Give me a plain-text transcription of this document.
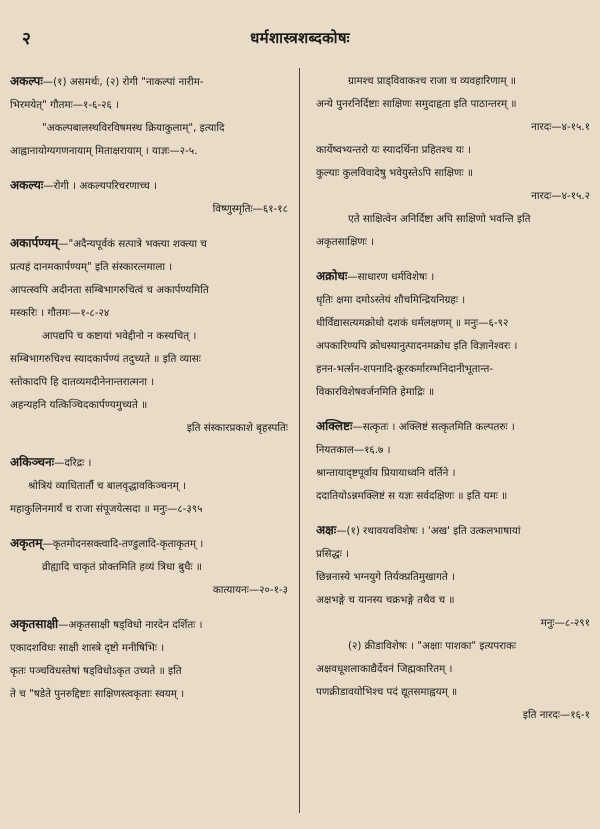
२	धर्मशास्त्रशब्दकोषः
अकल्पः—(१) असमर्थः, (२) रोगी "नाकल्पां नारीम-
भिरमयेत्" गौतमः—१-६-२६ ।
"अकल्पबालस्थविरविषमस्थ क्रियाकुलाम्", इत्यादि
आह्वानायोग्यगणनायाम् मिताक्षरायाम् । याज्ञः—२-५.
अकल्यः—रोगी । अकल्यपरिचरणाच्च ।
विष्णुस्मृतिः—६१-१८
अकार्पण्यम्—"अदैन्यपूर्वकं सत्पात्रे भक्त्या शक्त्या च
प्रत्यहं दानमकार्पण्यम्" इति संस्कारत्नमाला ।
आपत्स्वपि अदीनता सम्बिभागरुचित्वं च अकार्पण्यमिति
मस्करिः । गौतमः—१-८-२४
आपद्यपि च कष्टायां भवेद्दीनो न कस्यचित् ।
सम्बिभागरुचिश्च स्यादकार्पण्यं तदुच्यते ॥ इति व्यासः
स्तोकादपि हि दातव्यमदीनेनान्तरात्मना ।
अहन्यहनि यत्किञ्चिदकार्पण्यमुच्यते ॥
इति संस्कारप्रकाशे बृहस्पतिः
अकिञ्चनः—दरिद्रः ।
श्रोत्रियं व्याधितार्तौ च बालवृद्धावकिञ्चनम् ।
महाकुलिनमार्यं च राजा संपूजयेत्सदा ॥ मनुः—८-३९५
अकृतम्—कृतमोदनसक्त्वादि-तण्डुलादि-कृताकृतम् ।
व्रीह्यादि चाकृतं प्रोक्तमिति हव्यं त्रिधा बुधैः ॥
कात्यायनः—२०-१-३
अकृतसाक्षी—अकृतसाक्षी षड्विधो नारदेन दर्शितः ।
एकादशविधः साक्षी शास्त्रे दृष्टो मनीषिभिः ।
कृतः पञ्चविधस्तेषां षड्विधोऽकृत उच्यते ॥ इति
ते च "षडेते पुनरुद्दिष्टाः साक्षिणस्त्वकृताः स्वयम् ।
ग्रामश्च प्राड्विवाकश्च राजा च व्यवहारिणाम् ॥
अन्ये पुनरनिर्दिष्टाः साक्षिणः समुदाहृता इति पाठान्तरम् ॥
नारदः—४-१५.१
कार्येष्वभ्यन्तरो यः स्यादर्थिना प्रहितश्च यः ।
कुल्याः कुलविवादेषु भवेयुस्तेऽपि साक्षिणः ॥
नारदः—४-१५.२
एते साक्षित्वेन अनिर्दिष्टा अपि साक्षिणो भवन्ति इति
अकृतसाक्षिणः ।
अक्रोधः—साधारण धर्मविशेषः ।
धृतिः क्षमा दमोऽस्तेयं शौचमिन्द्रियनिग्रहः ।
धीर्विद्यासत्यमक्रोधो दशकं धर्मलक्षणम् ॥ मनुः—६-९२
अपकारिण्यपि क्रोधस्यानुत्पादनमक्रोध इति विज्ञानेश्वरः ।
हनन-भर्त्सन-शपनादि-क्रूरकर्मारम्भनिदानीभूतान्त-
विकारविशेषवर्जनमिति हेमाद्रिः ॥
अक्लिष्टः—सत्कृतः । अक्लिष्टं सत्कृतमिति कल्पतरुः ।
नियतकाल—१६.७ ।
श्रान्तायाद्ष्टपूर्वाय प्रियायाध्वनि वर्तिने ।
ददातियोऽन्नमक्लिष्टं स यज्ञः सर्वदक्षिणः ॥ इति यमः ॥
अक्षः—(१) रथावयवविशेषः । 'अख' इति उत्कलभाषायां
प्रसिद्धः ।
छिन्ननास्ये भग्नयुगे तिर्यक्प्रतिमुखागते ।
अक्षभङ्गे च यानस्य चक्रभङ्गे तथैव च ॥
मनुः—८-२९१
(२) क्रीडाविशेषः । "अक्षाः पाशका" इत्यपराकः
अक्षवधूशलाकाद्यैर्देवनं जिह्मकारितम् ।
पणक्रीडावयोभिश्च पदं द्यूतसमाह्वयम् ॥
इति नारदः—१६-१
